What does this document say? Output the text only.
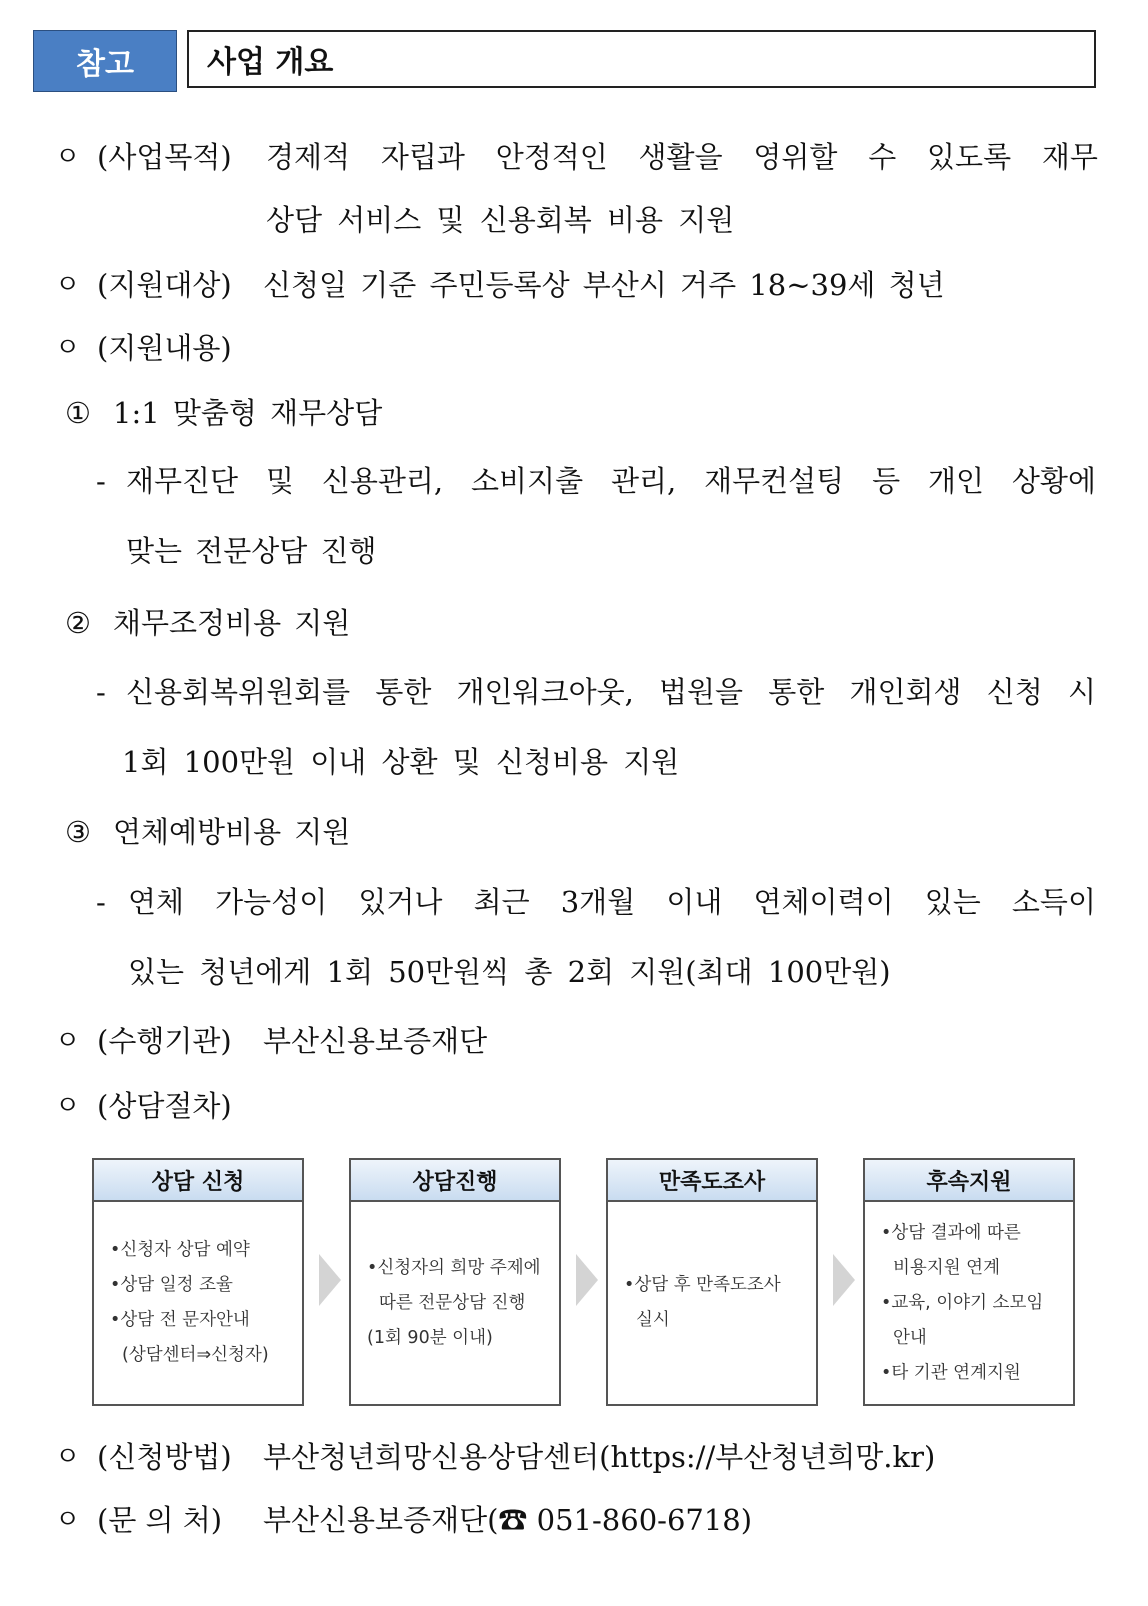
참고	사업 개요
ㅇ (사업목적) 경제적 자립과 안정적인 생활을 영위할 수 있도록 재무
상담 서비스 및 신용회복 비용 지원
ㅇ (지원대상) 신청일 기준 주민등록상 부산시 거주 18~39세 청년
ㅇ (지원내용)
① 1:1 맞춤형 재무상담
- 재무진단 및 신용관리, 소비지출 관리, 재무컨설팅 등 개인 상황에
맞는 전문상담 진행
② 채무조정비용 지원
- 신용회복위원회를 통한 개인워크아웃, 법원을 통한 개인회생 신청 시
1회 100만원 이내 상환 및 신청비용 지원
③ 연체예방비용 지원
- 연체 가능성이 있거나 최근 3개월 이내 연체이력이 있는 소득이
있는 청년에게 1회 50만원씩 총 2회 지원(최대 100만원)
ㅇ (수행기관) 부산신용보증재단
ㅇ (상담절차)
상담 신청
•신청자 상담 예약
•상담 일정 조율
•상담 전 문자안내
(상담센터⇒신청자)
상담진행
•신청자의 희망 주제에
따른 전문상담 진행
(1회 90분 이내)
만족도조사
•상담 후 만족도조사
실시
후속지원
•상담 결과에 따른
비용지원 연계
•교육, 이야기 소모임
안내
•타 기관 연계지원
ㅇ (신청방법) 부산청년희망신용상담센터(https://부산청년희망.kr)
ㅇ (문 의 처) 부산신용보증재단(☎ 051-860-6718)
